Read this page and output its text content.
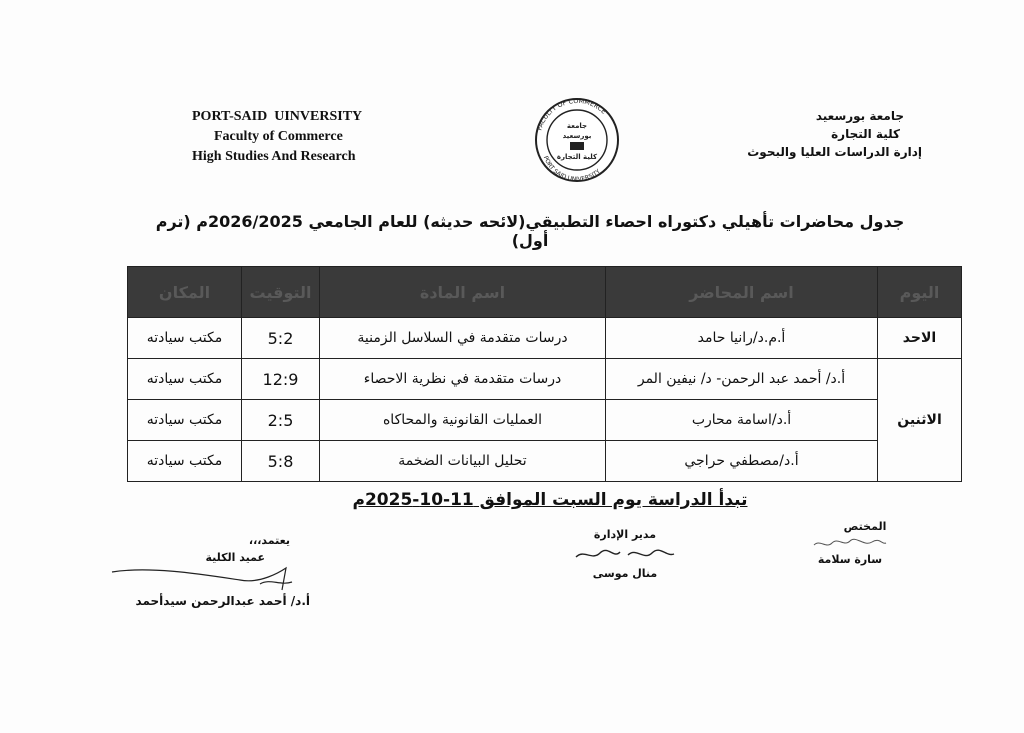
PORT-SAID  UINVERSITY
Faculty of Commerce
High Studies And Research
FACULTY OF COMMERCE
PORT SAID UNIVERSITY
جامعة
بورسعيد
كلية التجارة
جامعة بورسعيد
كلية التجارة
إدارة الدراسات العليا والبحوث
جدول محاضرات تأهيلي دكتوراه احصاء التطبيقي(لائحه حديثه) للعام الجامعي 2026/2025م (ترم أول)
اليوم	اسم المحاضر	اسم المادة	التوقيت	المكان
الاحد	أ.م.د/رانيا حامد	درسات متقدمة في السلاسل الزمنية	5:2	مكتب سيادته
الاثنين	أ.د/ أحمد عبد الرحمن- د/ نيفين المر	درسات متقدمة في نظرية الاحصاء	12:9	مكتب سيادته
	أ.د/اسامة محارب	العمليات القانونية والمحاكاه	2:5	مكتب سيادته
	أ.د/مصطفي حراجي	تحليل البيانات الضخمة	5:8	مكتب سيادته
تبدأ الدراسة يوم السبت الموافق 11-10-2025م
المختص
سارة سلامة
مدير الإدارة
منال موسى
يعتمد،،،
عميد الكلية
أ.د/ أحمد عبدالرحمن سيدأحمد
